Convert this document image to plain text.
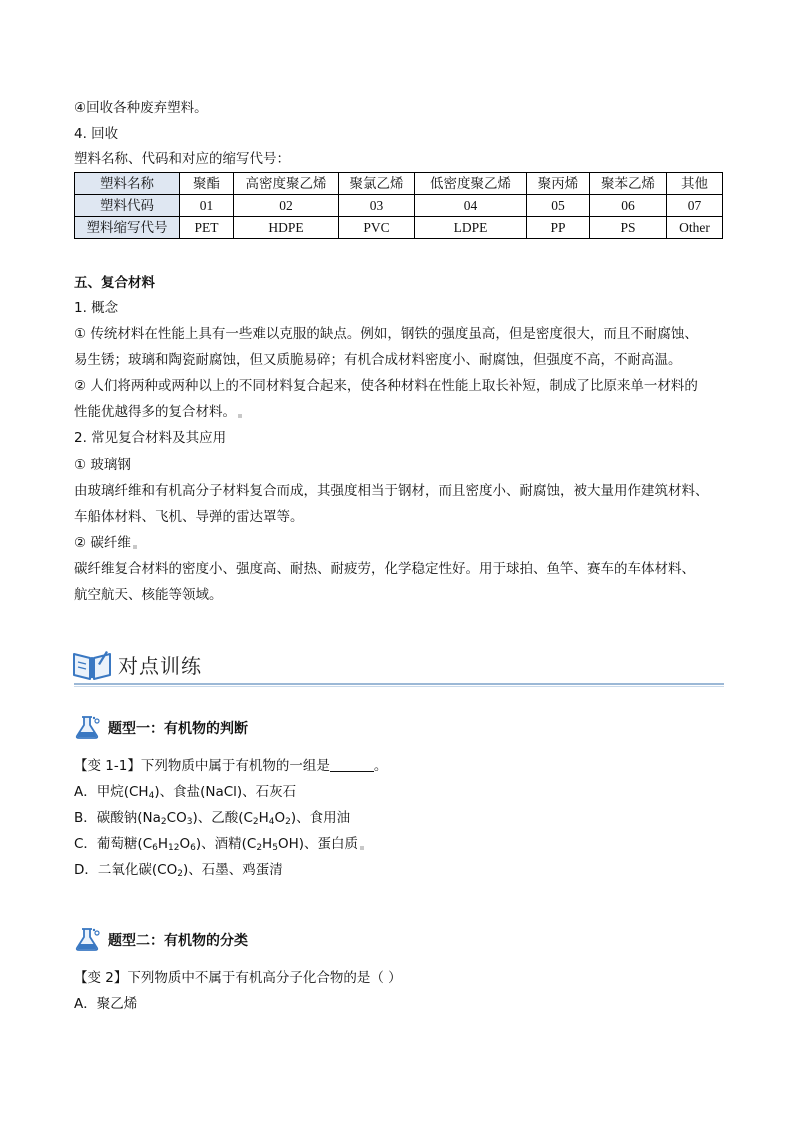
④回收各种废弃塑料。
4. 回收
塑料名称、代码和对应的缩写代号：
塑料名称	聚酯	高密度聚乙烯	聚氯乙烯	低密度聚乙烯	聚丙烯	聚苯乙烯	其他
塑料代码	01	02	03	04	05	06	07
塑料缩写代号	PET	HDPE	PVC	LDPE	PP	PS	Other
五、复合材料
1. 概念
① 传统材料在性能上具有一些难以克服的缺点。例如，钢铁的强度虽高，但是密度很大，而且不耐腐蚀、
易生锈；玻璃和陶瓷耐腐蚀，但又质脆易碎；有机合成材料密度小、耐腐蚀，但强度不高，不耐高温。
② 人们将两种或两种以上的不同材料复合起来，使各种材料在性能上取长补短，制成了比原来单一材料的
性能优越得多的复合材料。
2. 常见复合材料及其应用
① 玻璃钢
由玻璃纤维和有机高分子材料复合而成，其强度相当于钢材，而且密度小、耐腐蚀，被大量用作建筑材料、
车船体材料、飞机、导弹的雷达罩等。
② 碳纤维
碳纤维复合材料的密度小、强度高、耐热、耐疲劳，化学稳定性好。用于球拍、鱼竿、赛车的车体材料、
航空航天、核能等领域。
对点训练
题型一：有机物的判断
【变 1-1】下列物质中属于有机物的一组是	。
A．甲烷$(CH_4)$、食盐(NaCl)、石灰石
B．碳酸钠$(Na_2CO_3)$、乙酸$(C_2H_4O_2)$、食用油
C．葡萄糖$(C_6H_{12}O_6)$、酒精$(C_2H_5OH)$、蛋白质
D．二氧化碳$(CO_2)$、石墨、鸡蛋清
题型二：有机物的分类
【变 2】下列物质中不属于有机高分子化合物的是（ ）
A．聚乙烯
